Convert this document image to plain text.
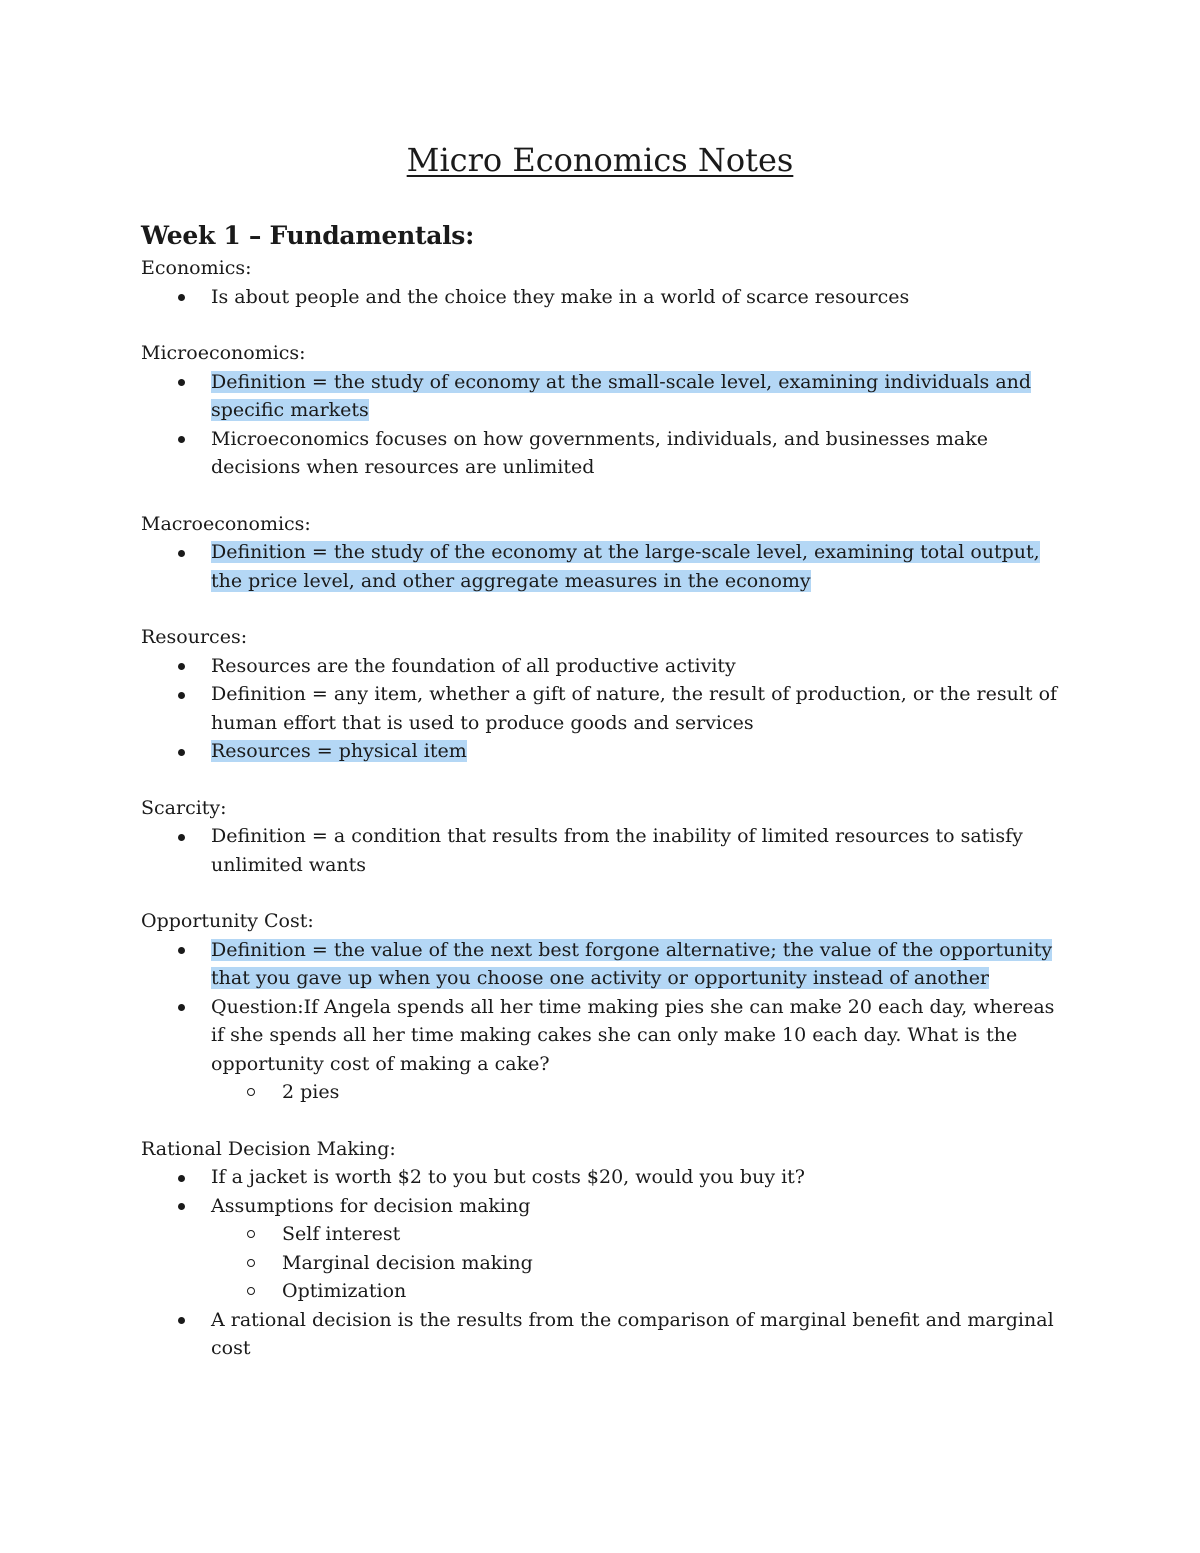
Micro Economics Notes
Week 1 – Fundamentals:

Economics:

Is about people and the choice they make in a world of scarce resources

Microeconomics:

Definition = the study of economy at the small-scale level, examining individuals and specific markets
Microeconomics focuses on how governments, individuals, and businesses make decisions when resources are unlimited

Macroeconomics:

Definition = the study of the economy at the large-scale level, examining total output, the price level, and other aggregate measures in the economy

Resources:

Resources are the foundation of all productive activity
Definition = any item, whether a gift of nature, the result of production, or the result of human effort that is used to produce goods and services
Resources = physical item

Scarcity:

Definition = a condition that results from the inability of limited resources to satisfy unlimited wants

Opportunity Cost:

Definition = the value of the next best forgone alternative; the value of the opportunity that you gave up when you choose one activity or opportunity instead of another
Question:If Angela spends all her time making pies she can make 20 each day, whereas if she spends all her time making cakes she can only make 10 each day. What is the opportunity cost of making a cake?
2 pies

Rational Decision Making:

If a jacket is worth $2 to you but costs $20, would you buy it?
Assumptions for decision making
Self interest
Marginal decision making
Optimization
A rational decision is the results from the comparison of marginal benefit and marginal cost
